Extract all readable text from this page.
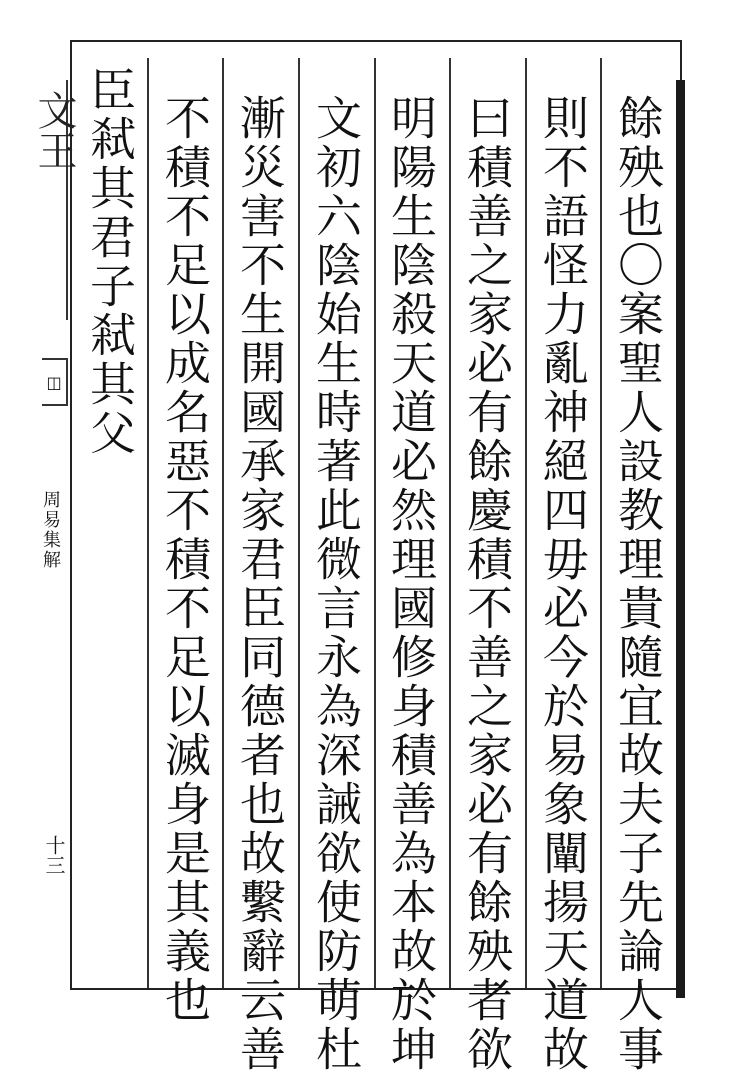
文王
◫
周易集解
十三	餘殃也〇案聖人設教理貴隨宜故夫子先論人事
則不語怪力亂神絕四毋必今於易象闡揚天道故
曰積善之家必有餘慶積不善之家必有餘殃者欲
明陽生陰殺天道必然理國修身積善為本故於坤
文初六陰始生時著此微言永為深誡欲使防萌杜
漸災害不生開國承家君臣同德者也故繫辭云善
不積不足以成名惡不積不足以滅身是其義也
臣弒其君子弒其父
